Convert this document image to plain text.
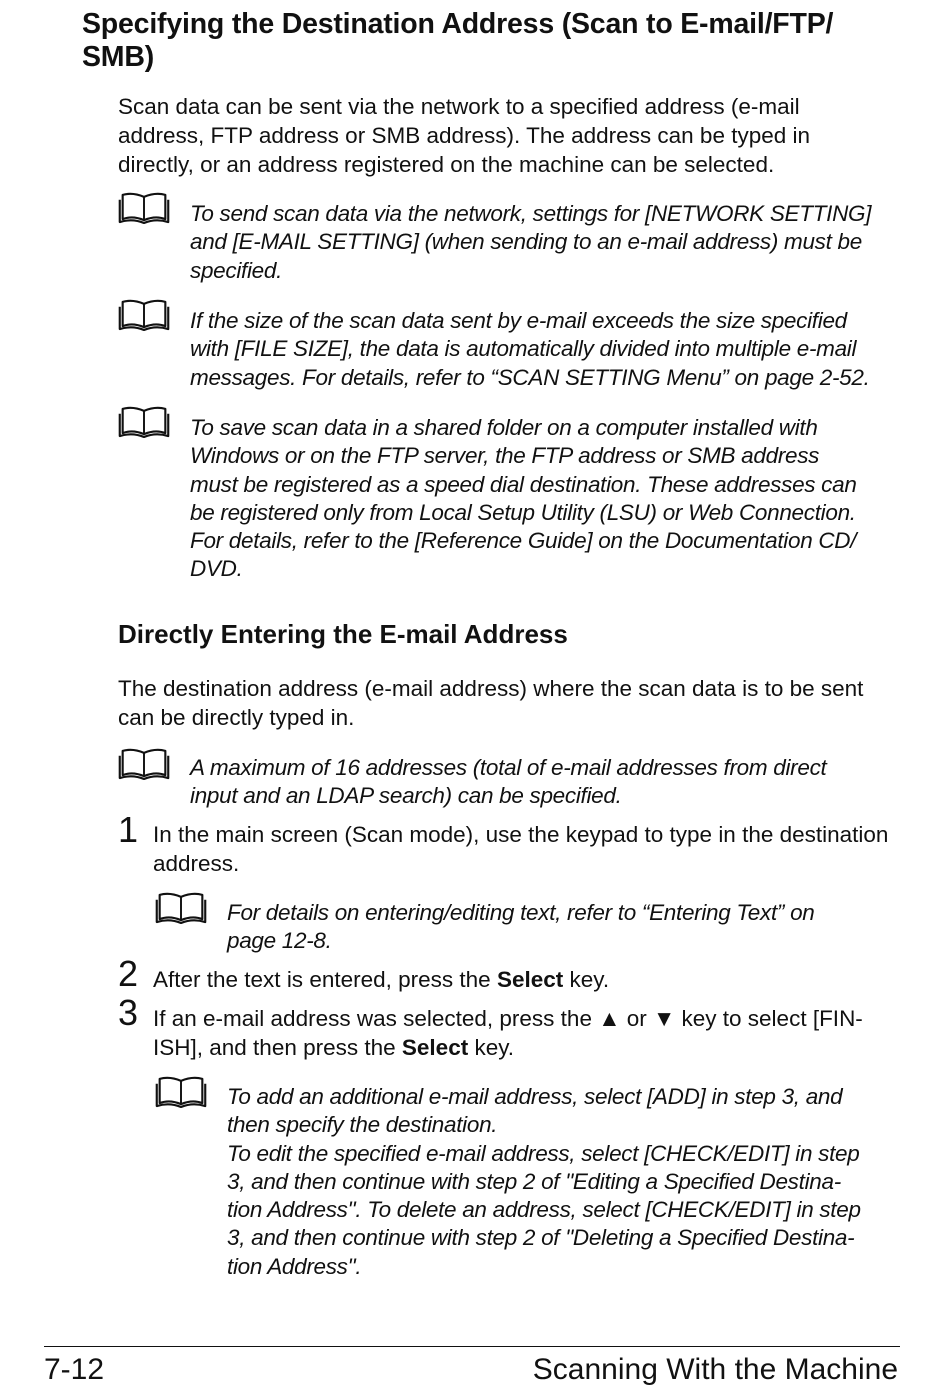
Specifying the Destination Address (Scan to E-mail/FTP/
SMB)

Scan data can be sent via the network to a specified address (e-mail

address, FTP address or SMB address). The address can be typed in

directly, or an address registered on the machine can be selected.

To send scan data via the network, settings for [NETWORK SETTING]

and [E-MAIL SETTING] (when sending to an e-mail address) must be

specified.

If the size of the scan data sent by e-mail exceeds the size specified

with [FILE SIZE], the data is automatically divided into multiple e-mail

messages. For details, refer to “SCAN SETTING Menu” on page 2-52.

To save scan data in a shared folder on a computer installed with

Windows or on the FTP server, the FTP address or SMB address

must be registered as a speed dial destination. These addresses can

be registered only from Local Setup Utility (LSU) or Web Connection.

For details, refer to the [Reference Guide] on the Documentation CD/

DVD.

Directly Entering the E-mail Address

The destination address (e-mail address) where the scan data is to be sent

can be directly typed in.

A maximum of 16 addresses (total of e-mail addresses from direct

input and an LDAP search) can be specified.

1 In the main screen (Scan mode), use the keypad to type in the destination

address.

For details on entering/editing text, refer to “Entering Text” on

page 12-8.

2 After the text is entered, press the Select key.

3 If an e-mail address was selected, press the ▲ or ▼ key to select [FIN-

ISH], and then press the Select key.

To add an additional e-mail address, select [ADD] in step 3, and

then specify the destination.

To edit the specified e-mail address, select [CHECK/EDIT] in step

3, and then continue with step 2 of "Editing a Specified Destina-

tion Address". To delete an address, select [CHECK/EDIT] in step

3, and then continue with step 2 of "Deleting a Specified Destina-

tion Address".

7-12	Scanning With the Machine
